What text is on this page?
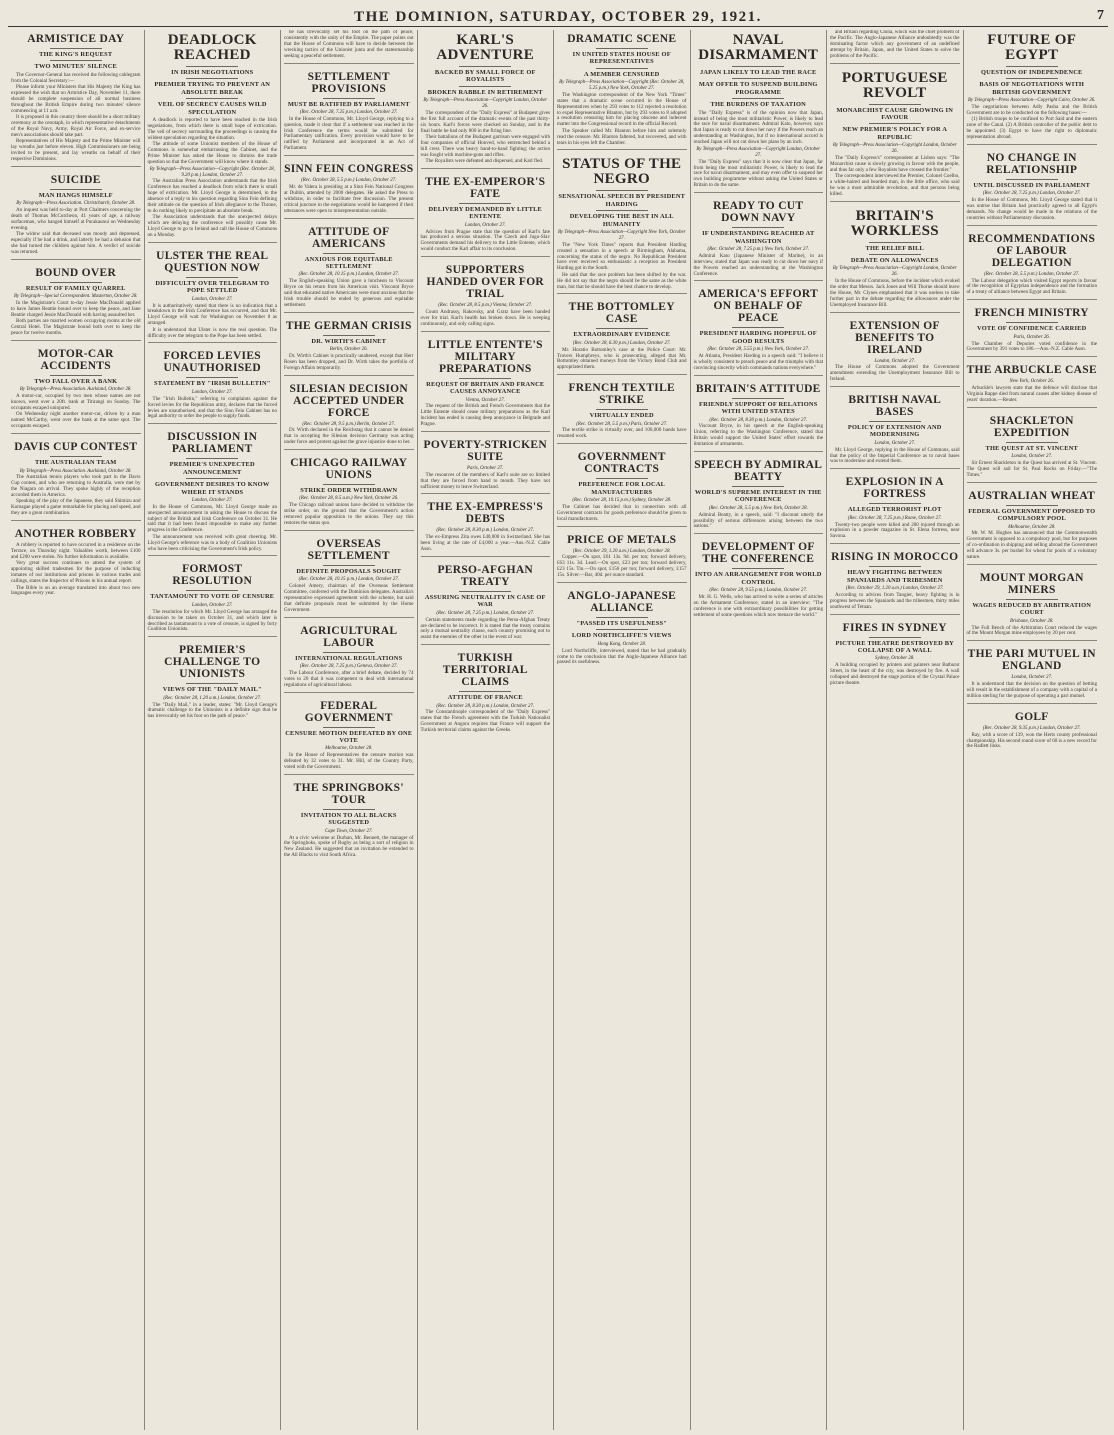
THE DOMINION, SATURDAY, OCTOBER 29, 1921.	7
ARMISTICE DAY
THE KING'S REQUEST
TWO MINUTES' SILENCE

The Governor-General has received the following cablegram from the Colonial Secretary:—

Please inform your Ministers that His Majesty the King has expressed the wish that on Armistice Day, November 11, there should be complete suspension of all normal business throughout the British Empire during two minutes' silence commencing at 11 a.m.

It is proposed in this country there should be a short military ceremony at the cenotaph, in which representative detachments of the Royal Navy, Army, Royal Air Force, and ex-service men's associations should take part.

Representatives of His Majesty and the Prime Minister will lay wreaths just before eleven. High Commissioners are being invited to be present, and lay wreaths on behalf of their respective Dominions.

SUICIDE
MAN HANGS HIMSELF
By Telegraph—Press Association. Christchurch, October 28.

An inquest was held to-day at Port Chalmers concerning the death of Thomas McCutcheon, 41 years of age, a railway surfaceman, who hanged himself at Purakaunui on Wednesday evening.

The widow said that deceased was moody and depressed, especially if he had a drink, and latterly he had a delusion that she had turned the children against him. A verdict of suicide was returned.

BOUND OVER
RESULT OF FAMILY QUARREL
By Telegraph—Special Correspondent. Masterton, October 28.

In the Magistrate's Court to-day Jessie MacDonald applied to have James Beattie bound over to keep the peace, and Jane Beattie charged Jessie MacDonald with having assaulted her.

Both parties are married women occupying rooms at the old Central Hotel. The Magistrate bound both over to keep the peace for twelve months.

MOTOR-CAR ACCIDENTS
TWO FALL OVER A BANK
By Telegraph—Press Association. Auckland, October 28.

A motor-car, occupied by two men whose names are not known, went over a 20ft. bank at Titirangi on Sunday. The occupants escaped uninjured.

On Wednesday night another motor-car, driven by a man named McCarthy, went over the bank at the same spot. The occupants escaped.

DAVIS CUP CONTEST
THE AUSTRALIAN TEAM
By Telegraph—Press Association. Auckland, October 28.

The Australian tennis players who took part in the Davis Cup contest, and who are returning to Australia, were met by the Niagara on arrival. They spoke highly of the reception accorded them in America.

Speaking of the play of the Japanese, they said Shimizu and Kumagae played a game remarkable for placing and speed, and they are a great combination.

ANOTHER ROBBERY

A robbery is reported to have occurred in a residence on the Terrace, on Thursday night. Valuables worth, between £100 and £200 were stolen. No further information is available.

Very great success continues to attend the system of appointing skilled tradesmen for the purpose of inducting inmates of our institutions and prisons in various trades and callings, states the Inspector of Prisons in his annual report.

The Bible is on an average translated into about two new languages every year.

DEADLOCK REACHED
IN IRISH NEGOTIATIONS
PREMIER TRYING TO PREVENT AN ABSOLUTE BREAK
VEIL OF SECRECY CAUSES WILD SPECULATION

A deadlock is reported to have been reached in the Irish negotiations, from which there is small hope of extrication. The veil of secrecy surrounding the proceedings is causing the wildest speculation regarding the situation.

The attitude of some Unionist members of the House of Commons is somewhat embarrassing the Cabinet, and the Prime Minister has asked the House to dismiss the trade question so that the Government will know where it stands.

By Telegraph—Press Association—Copyright (Rec. October 28, 9.20 p.m.) London, October 27.

The Australian Press Association understands that the Irish Conference has reached a deadlock from which there is small hope of extrication. Mr. Lloyd George is determined, in the absence of a reply to his question regarding Sinn Fein defining their attitude on the question of Irish allegiance to the Throne, to do nothing likely to precipitate an absolute break.

The Association understands that the unexpected delays which are delaying the conference will possibly cause Mr. Lloyd George to go to Ireland and call the House of Commons on a Monday.

ULSTER THE REAL QUESTION NOW
DIFFICULTY OVER TELEGRAM TO POPE SETTLED
London, October 27.

It is authoritatively stated that there is no indication that a breakdown in the Irish Conference has occurred, and that Mr. Lloyd George will wait for Washington on November 8 as arranged.

It is understood that Ulster is now the real question. The difficulty over the telegram to the Pope has been settled.

FORCED LEVIES UNAUTHORISED
STATEMENT BY "IRISH BULLETIN"
London, October 27.

The "Irish Bulletin," referring to complaints against the forced levies for the Republican army, declares that the forced levies are unauthorised, and that the Sinn Fein Cabinet has no legal authority to order the people to supply funds.

DISCUSSION IN PARLIAMENT
PREMIER'S UNEXPECTED ANNOUNCEMENT
GOVERNMENT DESIRES TO KNOW WHERE IT STANDS
London, October 27.

In the House of Commons, Mr. Lloyd George made an unexpected announcement in asking the House to discuss the subject of the British and Irish Conference on October 31. He said that it had been found impossible to make any further progress in the Conference.

The announcement was received with great cheering. Mr. Lloyd George's reference was to a body of Coalition Unionists who have been criticising the Government's Irish policy.

FORMOST RESOLUTION
TANTAMOUNT TO VOTE OF CENSURE
London, October 27.

The resolution for which Mr. Lloyd George has arranged the discussion to be taken on October 31, and which later is described as tantamount to a vote of censure, is signed by forty Coalition Unionists.

PREMIER'S CHALLENGE TO UNIONISTS
VIEWS OF THE "DAILY MAIL"
(Rec. October 28, 1.20 a.m.) London, October 27.

The "Daily Mail," in a leader, states: "Mr. Lloyd George's dramatic challenge to the Unionists is a definite sign that he has irrevocably set his foot on the path of peace."

he has irrevocably set his foot on the path of peace, consistently with the unity of the Empire. The paper points out that the House of Commons will have to decide between the wrecking tactics of the Unionist junta and the statesmanship seeking a peaceful settlement.

SETTLEMENT PROVISIONS
MUST BE RATIFIED BY PARLIAMENT
(Rec. October 28, 7.25 p.m.) London, October 27.

In the House of Commons, Mr. Lloyd George, replying to a question, made it clear that if a settlement was reached in the Irish Conference the terms would be submitted for Parliamentary ratification. Every provision would have to be ratified by Parliament and incorporated in an Act of Parliament.

SINN FEIN CONGRESS
(Rec. October 28, 5.5 p.m.) London, October 27.

Mr. de Valera is presiding at a Sinn Fein National Congress at Dublin, attended by 2000 delegates. He asked the Press to withdraw, in order to facilitate free discussion. The present critical juncture in the negotiations would be hampered if their utterances were open to misrepresentation outside.

ATTITUDE OF AMERICANS
ANXIOUS FOR EQUITABLE SETTLEMENT
(Rec. October 28, 10.15 p.m.) London, October 27.

The English-speaking Union gave a luncheon to Viscount Bryce on his return from his American visit. Viscount Bryce said that educated native Americans were most anxious that the Irish trouble should be ended by generous and equitable settlement.

THE GERMAN CRISIS
DR. WIRTH'S CABINET
Berlin, October 26.

Dr. Wirth's Cabinet is practically unaltered, except that Herr Rosen has been dropped, and Dr. Wirth takes the portfolio of Foreign Affairs temporarily.

SILESIAN DECISION ACCEPTED UNDER FORCE
(Rec. October 28, 9.5 p.m.) Berlin, October 27.

Dr. Wirth declared in the Reichstag that it cannot be denied that in accepting the Silesian decision Germany was acting under force and protest against the grave injustice done to her.

CHICAGO RAILWAY UNIONS
STRIKE ORDER WITHDRAWN
(Rec. October 28, 8.5 a.m.) New York, October 26.

The Chicago railroad unions have decided to withdraw the strike order, on the ground that the Government's action removed popular opposition to the unions. They say this restores the status quo.

OVERSEAS SETTLEMENT
DEFINITE PROPOSALS SOUGHT
(Rec. October 28, 10.15 p.m.) London, October 27.

Colonel Amery, chairman of the Overseas Settlement Committee, conferred with the Dominion delegates. Australia's representative expressed agreement with the scheme, but said that definite proposals must be submitted by the Home Government.

AGRICULTURAL LABOUR
INTERNATIONAL REGULATIONS
(Rec. October 28, 7.25 p.m.) Geneva, October 27.

The Labour Conference, after a brief debate, decided by 74 votes to 20 that it was competent to deal with international regulations of agricultural labour.

FEDERAL GOVERNMENT
CENSURE MOTION DEFEATED BY ONE VOTE
Melbourne, October 28.

In the House of Representatives the censure motion was defeated by 32 votes to 31. Mr. Hill, of the Country Party, voted with the Government.

THE SPRINGBOKS' TOUR
INVITATION TO ALL BLACKS SUGGESTED
Cape Town, October 27.

At a civic welcome at Durban, Mr. Bennett, the manager of the Springboks, spoke of Rugby as being a sort of religion in New Zealand. He suggested that an invitation be extended to the All Blacks to visit South Africa.

KARL'S ADVENTURE
BACKED BY SMALL FORCE OF ROYALISTS
BROKEN RABBLE IN RETIREMENT
By Telegraph—Press Association—Copyright London, October 26.

The correspondent of the "Daily Express" at Budapest gives the first full account of the dramatic events of the past thirty-six hours. Karl's forces were checked on Sunday, and in the final battle he had only 800 in the firing line.

Their battalions of the Budapest garrison were engaged with four companies of official Honved, who entrenched behind a hill crest. There was heavy hand-to-hand fighting; the action was fought with machine-guns and rifles.

The Royalists were defeated and dispersed, and Karl fled.

THE EX-EMPEROR'S FATE
DELIVERY DEMANDED BY LITTLE ENTENTE
London, October 27.

Advices from Prague state that the question of Karl's fate has produced a serious situation. The Czech and Jugo-Slav Governments demand his delivery to the Little Entente, which would conduct the Karl affair to its conclusion.

SUPPORTERS HANDED OVER FOR TRIAL
(Rec. October 28, 8.5 p.m.) Vienna, October 27.

Count Andrassy, Rakovsky, and Gratz have been handed over for trial. Karl's health has broken down. He is weeping continuously, and only calling signs.

LITTLE ENTENTE'S MILITARY PREPARATIONS
REQUEST OF BRITAIN AND FRANCE CAUSES ANNOYANCE
Vienna, October 27.

The request of the British and French Governments that the Little Entente should cease military preparations as the Karl incident has ended is causing deep annoyance in Belgrade and Prague.

POVERTY-STRICKEN SUITE
Paris, October 27.

The resources of the members of Karl's suite are so limited that they are forced from hand to mouth. They have not sufficient money to leave Switzerland.

THE EX-EMPRESS'S DEBTS
(Rec. October 28, 8.30 p.m.) London, October 27.

The ex-Empress Zita owes £40,000 in Switzerland. She has been living at the rate of £4,000 a year.—Aus.-N.Z. Cable Assn.

PERSO-AFGHAN TREATY
ASSURING NEUTRALITY IN CASE OF WAR
(Rec. October 28, 7.25 p.m.) London, October 27.

Certain statements made regarding the Perso-Afghan Treaty are declared to be incorrect. It is stated that the treaty contains only a mutual neutrality clause, each country promising not to assist the enemies of the other in the event of war.

TURKISH TERRITORIAL CLAIMS
ATTITUDE OF FRANCE
(Rec. October 28, 8.30 p.m.) London, October 27.

The Constantinople correspondent of the "Daily Express" states that the French agreement with the Turkish Nationalist Government at Angora requires that France will support the Turkish territorial claims against the Greeks.

DRAMATIC SCENE
IN UNITED STATES HOUSE OF REPRESENTATIVES
A MEMBER CENSURED
By Telegraph—Press Association—Copyright (Rec. October 28, 5.25 p.m.) New York, October 27.

The Washington correspondent of the New York "Times" states that a dramatic scene occurred in the House of Representatives when by 293 votes to 112 rejected a resolution to expel Representative Blanton, but by 293 votes to 8 adopted a resolution censuring him for placing obscene and indecent matter into the Congressional record in the official Record.

The Speaker called Mr. Blanton before him and solemnly read the censure. Mr. Blanton faltered, but recovered, and with tears in his eyes left the Chamber.

STATUS OF THE NEGRO
SENSATIONAL SPEECH BY PRESIDENT HARDING
DEVELOPING THE BEST IN ALL HUMANITY
By Telegraph—Press Association—Copyright New York, October 27.

The "New York Times" reports that President Harding created a sensation in a speech at Birmingham, Alabama, concerning the status of the negro. No Republican President have ever received so enthusiastic a reception as President Harding got in the South.

He said that the race problem has been shifted by the war. He did not say that the negro should be the same as the white man, but that he should have the best chance to develop.

THE BOTTOMLEY CASE
EXTRAORDINARY EVIDENCE
(Rec. October 28, 6.30 p.m.) London, October 27.

Mr. Horatio Bottomley's case at the Police Court: Mr. Travers Humphreys, who is prosecuting, alleged that Mr. Bottomley obtained moneys from the Victory Bond Club and appropriated them.

FRENCH TEXTILE STRIKE
VIRTUALLY ENDED
(Rec. October 28, 5.5 p.m.) Paris, October 27.

The textile strike is virtually over, and 100,000 hands have resumed work.

GOVERNMENT CONTRACTS
PREFERENCE FOR LOCAL MANUFACTURERS
(Rec. October 28, 10.15 p.m.) Sydney, October 28.

The Cabinet has decided that in connection with all Government contracts for goods preference should be given to local manufacturers.

PRICE OF METALS
(Rec. October 29, 1.20 a.m.) London, October 28.

Copper.—On spot, £61 13s. 9d. per ton; forward delivery, £63 11s. 3d. Lead.—On spot, £23 per ton; forward delivery, £23 15s. Tin.—On spot, £156 per ton; forward delivery, £157 15s. Silver.—Bar, 40d. per ounce standard.

ANGLO-JAPANESE ALLIANCE
"PASSED ITS USEFULNESS"
LORD NORTHCLIFFE'S VIEWS
Hong Kong, October 28.

Lord Northcliffe, interviewed, stated that he had gradually come to the conclusion that the Anglo-Japanese Alliance had passed its usefulness.

NAVAL DISARMAMENT
JAPAN LIKELY TO LEAD THE RACE
MAY OFFER TO SUSPEND BUILDING PROGRAMME
THE BURDENS OF TAXATION

The "Daily Express" is of the opinion now that Japan, instead of being the most militaristic Power, is likely to lead the race for naval disarmament. Admiral Kato, however, says that Japan is ready to cut down her navy if the Powers reach an understanding at Washington, but if no international accord is reached Japan will not cut down her plans by an inch.

By Telegraph—Press Association—Copyright London, October 27.

The "Daily Express" says that it is now clear that Japan, far from being the most militaristic Power, is likely to lead the race for naval disarmament, and may even offer to suspend her own building programme without asking the United States or Britain to do the same.

READY TO CUT DOWN NAVY
IF UNDERSTANDING REACHED AT WASHINGTON
(Rec. October 28, 7.25 p.m.) New York, October 27.

Admiral Kato (Japanese Minister of Marine), in an interview, stated that Japan was ready to cut down her navy if the Powers reached an understanding at the Washington Conference.

AMERICA'S EFFORT ON BEHALF OF PEACE
PRESIDENT HARDING HOPEFUL OF GOOD RESULTS
(Rec. October 28, 5.55 p.m.) New York, October 27.

At Atlanta, President Harding in a speech said: "I believe it is wholly consistent to preach peace and the triumphs with that convincing sincerity which commands nations everywhere."

BRITAIN'S ATTITUDE
FRIENDLY SUPPORT OF RELATIONS WITH UNITED STATES
(Rec. October 28, 8.30 p.m.) London, October 27.

Viscount Bryce, in his speech at the English-speaking Union, referring to the Washington Conference, stated that Britain would support the United States' effort towards the limitation of armaments.

SPEECH BY ADMIRAL BEATTY
WORLD'S SUPREME INTEREST IN THE CONFERENCE
(Rec. October 28, 5.5 p.m.) New York, October 28.

Admiral Beatty, in a speech, said: "I discount utterly the possibility of serious differences arising between the two nations."

DEVELOPMENT OF THE CONFERENCE
INTO AN ARRANGEMENT FOR WORLD CONTROL
(Rec. October 28, 9.55 p.m.) London, October 27.

Mr. H. G. Wells, who has arrived to write a series of articles on the Armament Conference, stated in an interview: "The conference is one with extraordinary possibilities for getting settlement of some questions which now menace the world."

and Britain regarding China, which was the chief problem of the Pacific. The Anglo-Japanese Alliance undoubtedly was the dominating factor which any government of an undefined attempt by Britain, Japan, and the United States to solve the problems of the Pacific.

PORTUGUESE REVOLT
MONARCHIST CAUSE GROWING IN FAVOUR
NEW PREMIER'S POLICY FOR A REPUBLIC
By Telegraph—Press Association—Copyright London, October 26.

The "Daily Express's" correspondent at Lisbon says: "The Monarchist cause is slowly growing in favour with the people, and thus far only a few Royalists have crossed the frontier."

The correspondent interviewed the Premier, Colonel Coelho, a white-haired and bearded man, in the little office, who said he was a most admirable revolution, and that persons being killed.

BRITAIN'S WORKLESS
THE RELIEF BILL
DEBATE ON ALLOWANCES
By Telegraph—Press Association—Copyright London, October 26.

In the House of Commons, before the incident which evoked the order that Messrs. Jack Jones and Will Thorne should leave the House, Mr. Clynes emphasised that it was useless to take further part in the debate regarding the allowances under the Unemployed Insurance Bill.

EXTENSION OF BENEFITS TO IRELAND
London, October 27.

The House of Commons adopted the Government amendment extending the Unemployment Insurance Bill to Ireland.

BRITISH NAVAL BASES
POLICY OF EXTENSION AND MODERNISING
London, October 27.

Mr. Lloyd George, replying in the House of Commons, said that the policy of the Imperial Conference as to naval bases was to modernise and extend them.

EXPLOSION IN A FORTRESS
ALLEGED TERRORIST PLOT
(Rec. October 28, 7.25 p.m.) Rome, October 27.

Twenty-two people were killed and 200 injured through an explosion in a powder magazine in St. Elena fortress, near Savona.

RISING IN MOROCCO
HEAVY FIGHTING BETWEEN SPANIARDS AND TRIBESMEN
(Rec. October 29, 1.20 a.m.) London, October 27.

According to advices from Tangier, heavy fighting is in progress between the Spaniards and the tribesmen, thirty miles southwest of Tetuan.

FIRES IN SYDNEY
PICTURE THEATRE DESTROYED BY COLLAPSE OF A WALL
Sydney, October 28.

A building occupied by printers and painters near Bathurst Street, in the heart of the city, was destroyed by fire. A wall collapsed and destroyed the stage portion of the Crystal Palace picture theatre.

FUTURE OF EGYPT
QUESTION OF INDEPENDENCE
BASIS OF NEGOTIATIONS WITH BRITISH GOVERNMENT
By Telegraph—Press Association—Copyright Cairo, October 26.

The negotiations between Adly Pasha and the British Government are to be conducted on the following bases:—

(1) British troops to be confined to Port Said and the eastern zone of the Canal. (2) A British controller of the public debt to be appointed. (3) Egypt to have the right to diplomatic representation abroad.

NO CHANGE IN RELATIONSHIP
UNTIL DISCUSSED IN PARLIAMENT
(Rec. October 28, 7.25 p.m.) London, October 27.

In the House of Commons, Mr. Lloyd George stated that it was untrue that Britain had practically agreed to all Egypt's demands. No change would be made in the relations of the countries without Parliamentary discussion.

RECOMMENDATIONS OF LABOUR DELEGATION
(Rec. October 28, 5.5 p.m.) London, October 27.

The Labour delegation which visited Egypt reports in favour of the recognition of Egyptian independence and the formation of a treaty of alliance between Egypt and Britain.

FRENCH MINISTRY
VOTE OF CONFIDENCE CARRIED
Paris, October 26.

The Chamber of Deputies voted confidence in the Government by 391 votes to 186.—Aus.-N.Z. Cable Assn.

THE ARBUCKLE CASE
New York, October 26.

Arbuckle's lawyers state that the defence will disclose that Virginia Rappe died from natural causes after kidney disease of years' duration.—Reuter.

SHACKLETON EXPEDITION
THE QUEST AT ST. VINCENT
London, October 27.

Sir Ernest Shackleton in the Quest has arrived at St. Vincent. The Quest will sail for St. Paul Rocks on Friday.—"The Times."

AUSTRALIAN WHEAT
FEDERAL GOVERNMENT OPPOSED TO COMPULSORY POOL
Melbourne, October 28.

Mr. W. M. Hughes has announced that the Commonwealth Government is opposed to a compulsory pool, but for purposes of co-ordination in shipping and selling abroad the Government will advance 3s. per bushel for wheat for pools of a voluntary nature.

MOUNT MORGAN MINERS
WAGES REDUCED BY ARBITRATION COURT
Brisbane, October 28.

The Full Bench of the Arbitration Court reduced the wages of the Mount Morgan mine employees by 20 per cent.

THE PARI MUTUEL IN ENGLAND
London, October 27.

It is understood that the decision on the question of betting will result in the establishment of a company with a capital of a million sterling for the purpose of operating a pari mutuel.

GOLF
(Rec. October 28, 9.35 p.m.) London, October 27.

Ray, with a score of 139, won the Herts county professional championship. His second round score of 68 is a new record for the Radlett links.
